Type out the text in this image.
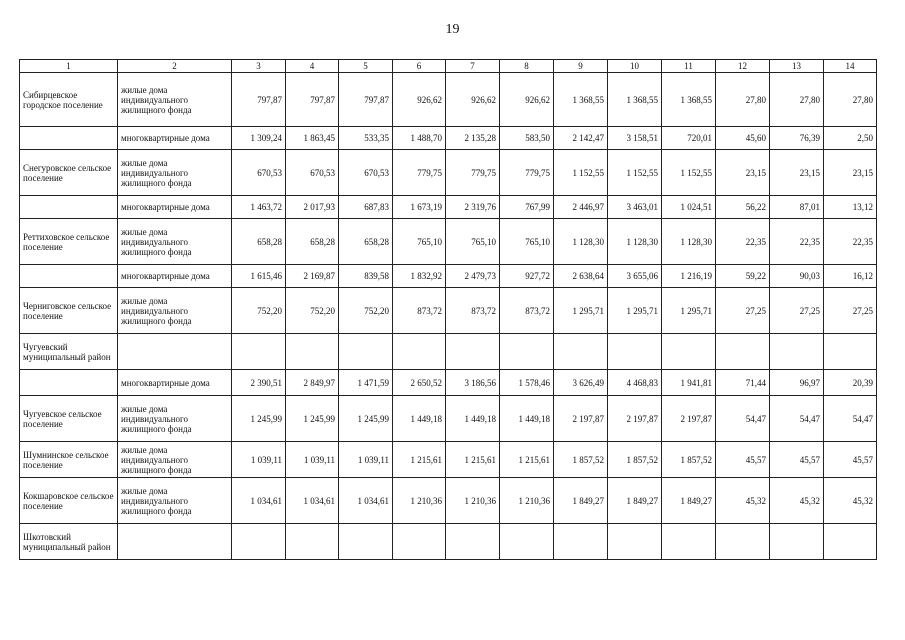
19
1	2	3	4	5	6	7	8	9	10	11	12	13	14
Сибирцевское городское поселение	жилые дома индивидуального жилищного фонда	797,87	797,87	797,87	926,62	926,62	926,62	1 368,55	1 368,55	1 368,55	27,80	27,80	27,80
	многоквартирные дома	1 309,24	1 863,45	533,35	1 488,70	2 135,28	583,50	2 142,47	3 158,51	720,01	45,60	76,39	2,50
Снегуровское сельское поселение	жилые дома индивидуального жилищного фонда	670,53	670,53	670,53	779,75	779,75	779,75	1 152,55	1 152,55	1 152,55	23,15	23,15	23,15
	многоквартирные дома	1 463,72	2 017,93	687,83	1 673,19	2 319,76	767,99	2 446,97	3 463,01	1 024,51	56,22	87,01	13,12
Реттиховское сельское поселение	жилые дома индивидуального жилищного фонда	658,28	658,28	658,28	765,10	765,10	765,10	1 128,30	1 128,30	1 128,30	22,35	22,35	22,35
	многоквартирные дома	1 615,46	2 169,87	839,58	1 832,92	2 479,73	927,72	2 638,64	3 655,06	1 216,19	59,22	90,03	16,12
Черниговское сельское поселение	жилые дома индивидуального жилищного фонда	752,20	752,20	752,20	873,72	873,72	873,72	1 295,71	1 295,71	1 295,71	27,25	27,25	27,25
Чугуевский муниципальный район													
	многоквартирные дома	2 390,51	2 849,97	1 471,59	2 650,52	3 186,56	1 578,46	3 626,49	4 468,83	1 941,81	71,44	96,97	20,39
Чугуевское сельское поселение	жилые дома индивидуального жилищного фонда	1 245,99	1 245,99	1 245,99	1 449,18	1 449,18	1 449,18	2 197,87	2 197,87	2 197,87	54,47	54,47	54,47
Шумнинское сельское поселение	жилые дома индивидуального жилищного фонда	1 039,11	1 039,11	1 039,11	1 215,61	1 215,61	1 215,61	1 857,52	1 857,52	1 857,52	45,57	45,57	45,57
Кокшаровское сельское поселение	жилые дома индивидуального жилищного фонда	1 034,61	1 034,61	1 034,61	1 210,36	1 210,36	1 210,36	1 849,27	1 849,27	1 849,27	45,32	45,32	45,32
Шкотовский муниципальный район													
